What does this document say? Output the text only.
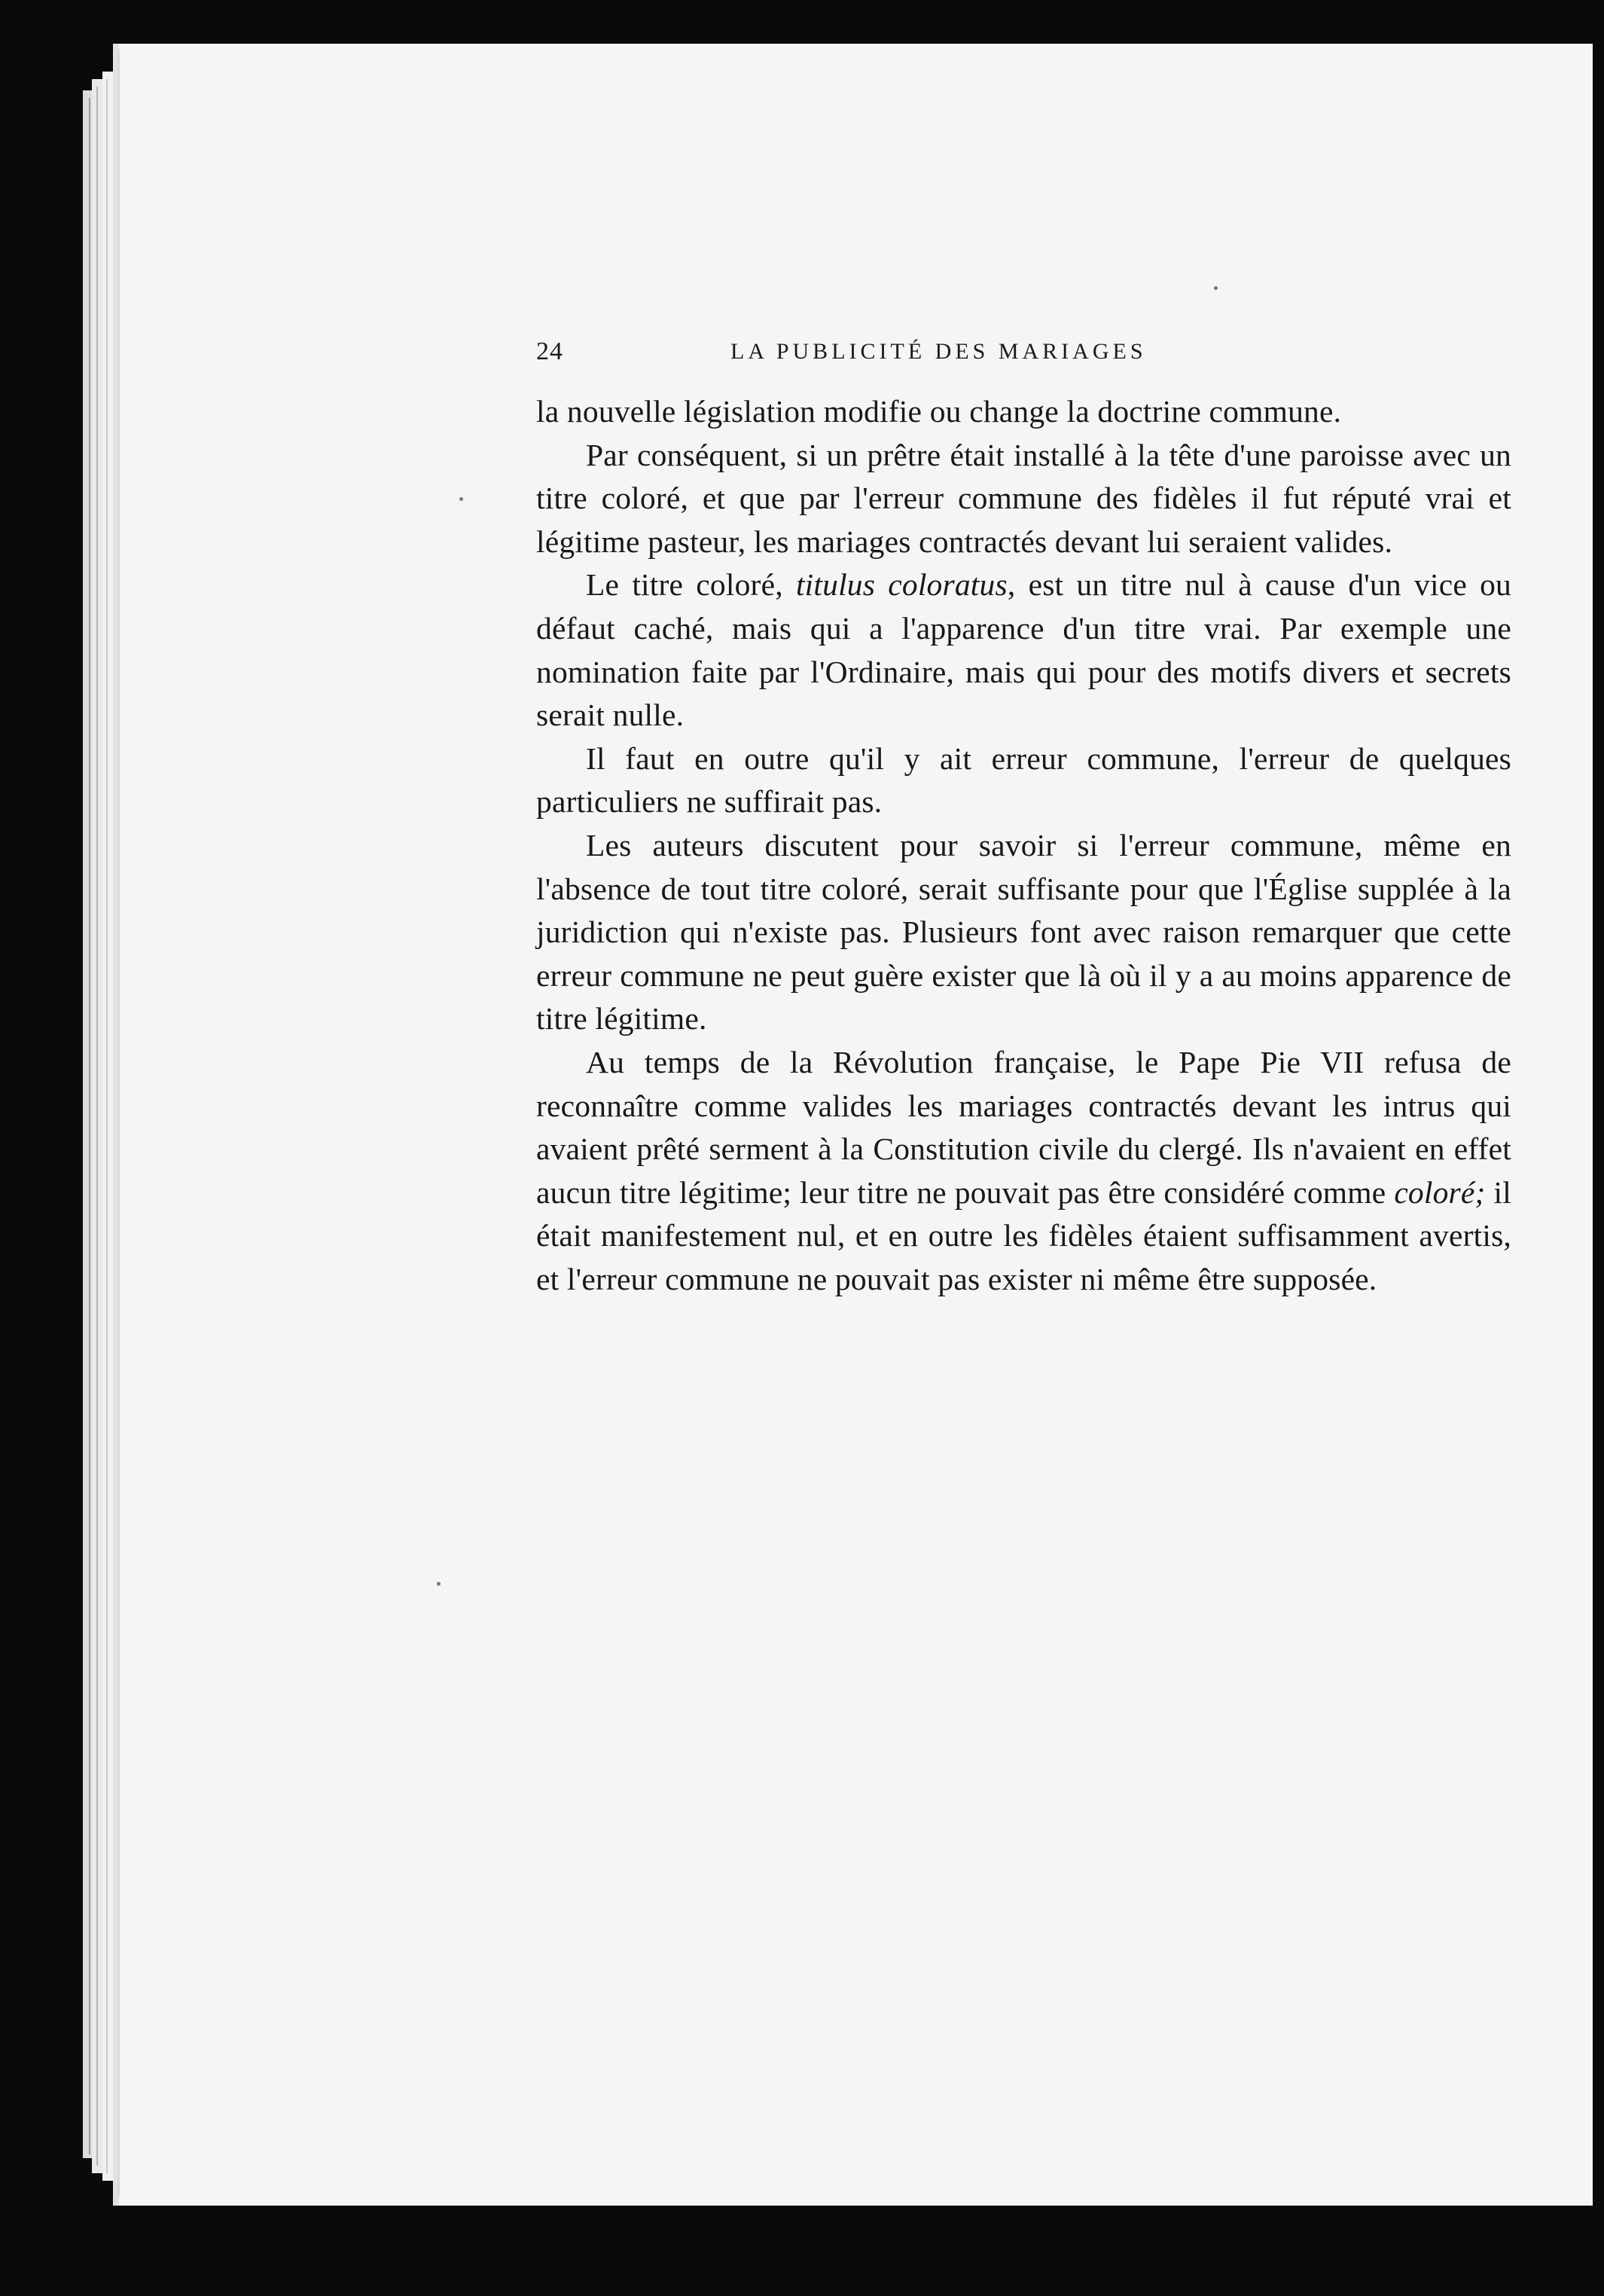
24	LA PUBLICITÉ DES MARIAGES

la nouvelle législation modifie ou change la doctrine commune.

Par conséquent, si un prêtre était installé à la tête d'une paroisse avec un titre coloré, et que par l'erreur commune des fidèles il fut réputé vrai et légitime pasteur, les mariages contractés devant lui seraient valides.

Le titre coloré, titulus coloratus, est un titre nul à cause d'un vice ou défaut caché, mais qui a l'apparence d'un titre vrai. Par exemple une nomination faite par l'Ordinaire, mais qui pour des motifs divers et secrets serait nulle.

Il faut en outre qu'il y ait erreur commune, l'erreur de quelques particuliers ne suffirait pas.

Les auteurs discutent pour savoir si l'erreur commune, même en l'absence de tout titre coloré, serait suffisante pour que l'Église supplée à la juridiction qui n'existe pas. Plusieurs font avec raison remarquer que cette erreur commune ne peut guère exister que là où il y a au moins apparence de titre légitime.

Au temps de la Révolution française, le Pape Pie VII refusa de reconnaître comme valides les mariages contractés devant les intrus qui avaient prêté serment à la Constitution civile du clergé. Ils n'avaient en effet aucun titre légitime; leur titre ne pouvait pas être considéré comme coloré; il était manifestement nul, et en outre les fidèles étaient suffisamment avertis, et l'erreur commune ne pouvait pas exister ni même être supposée.
